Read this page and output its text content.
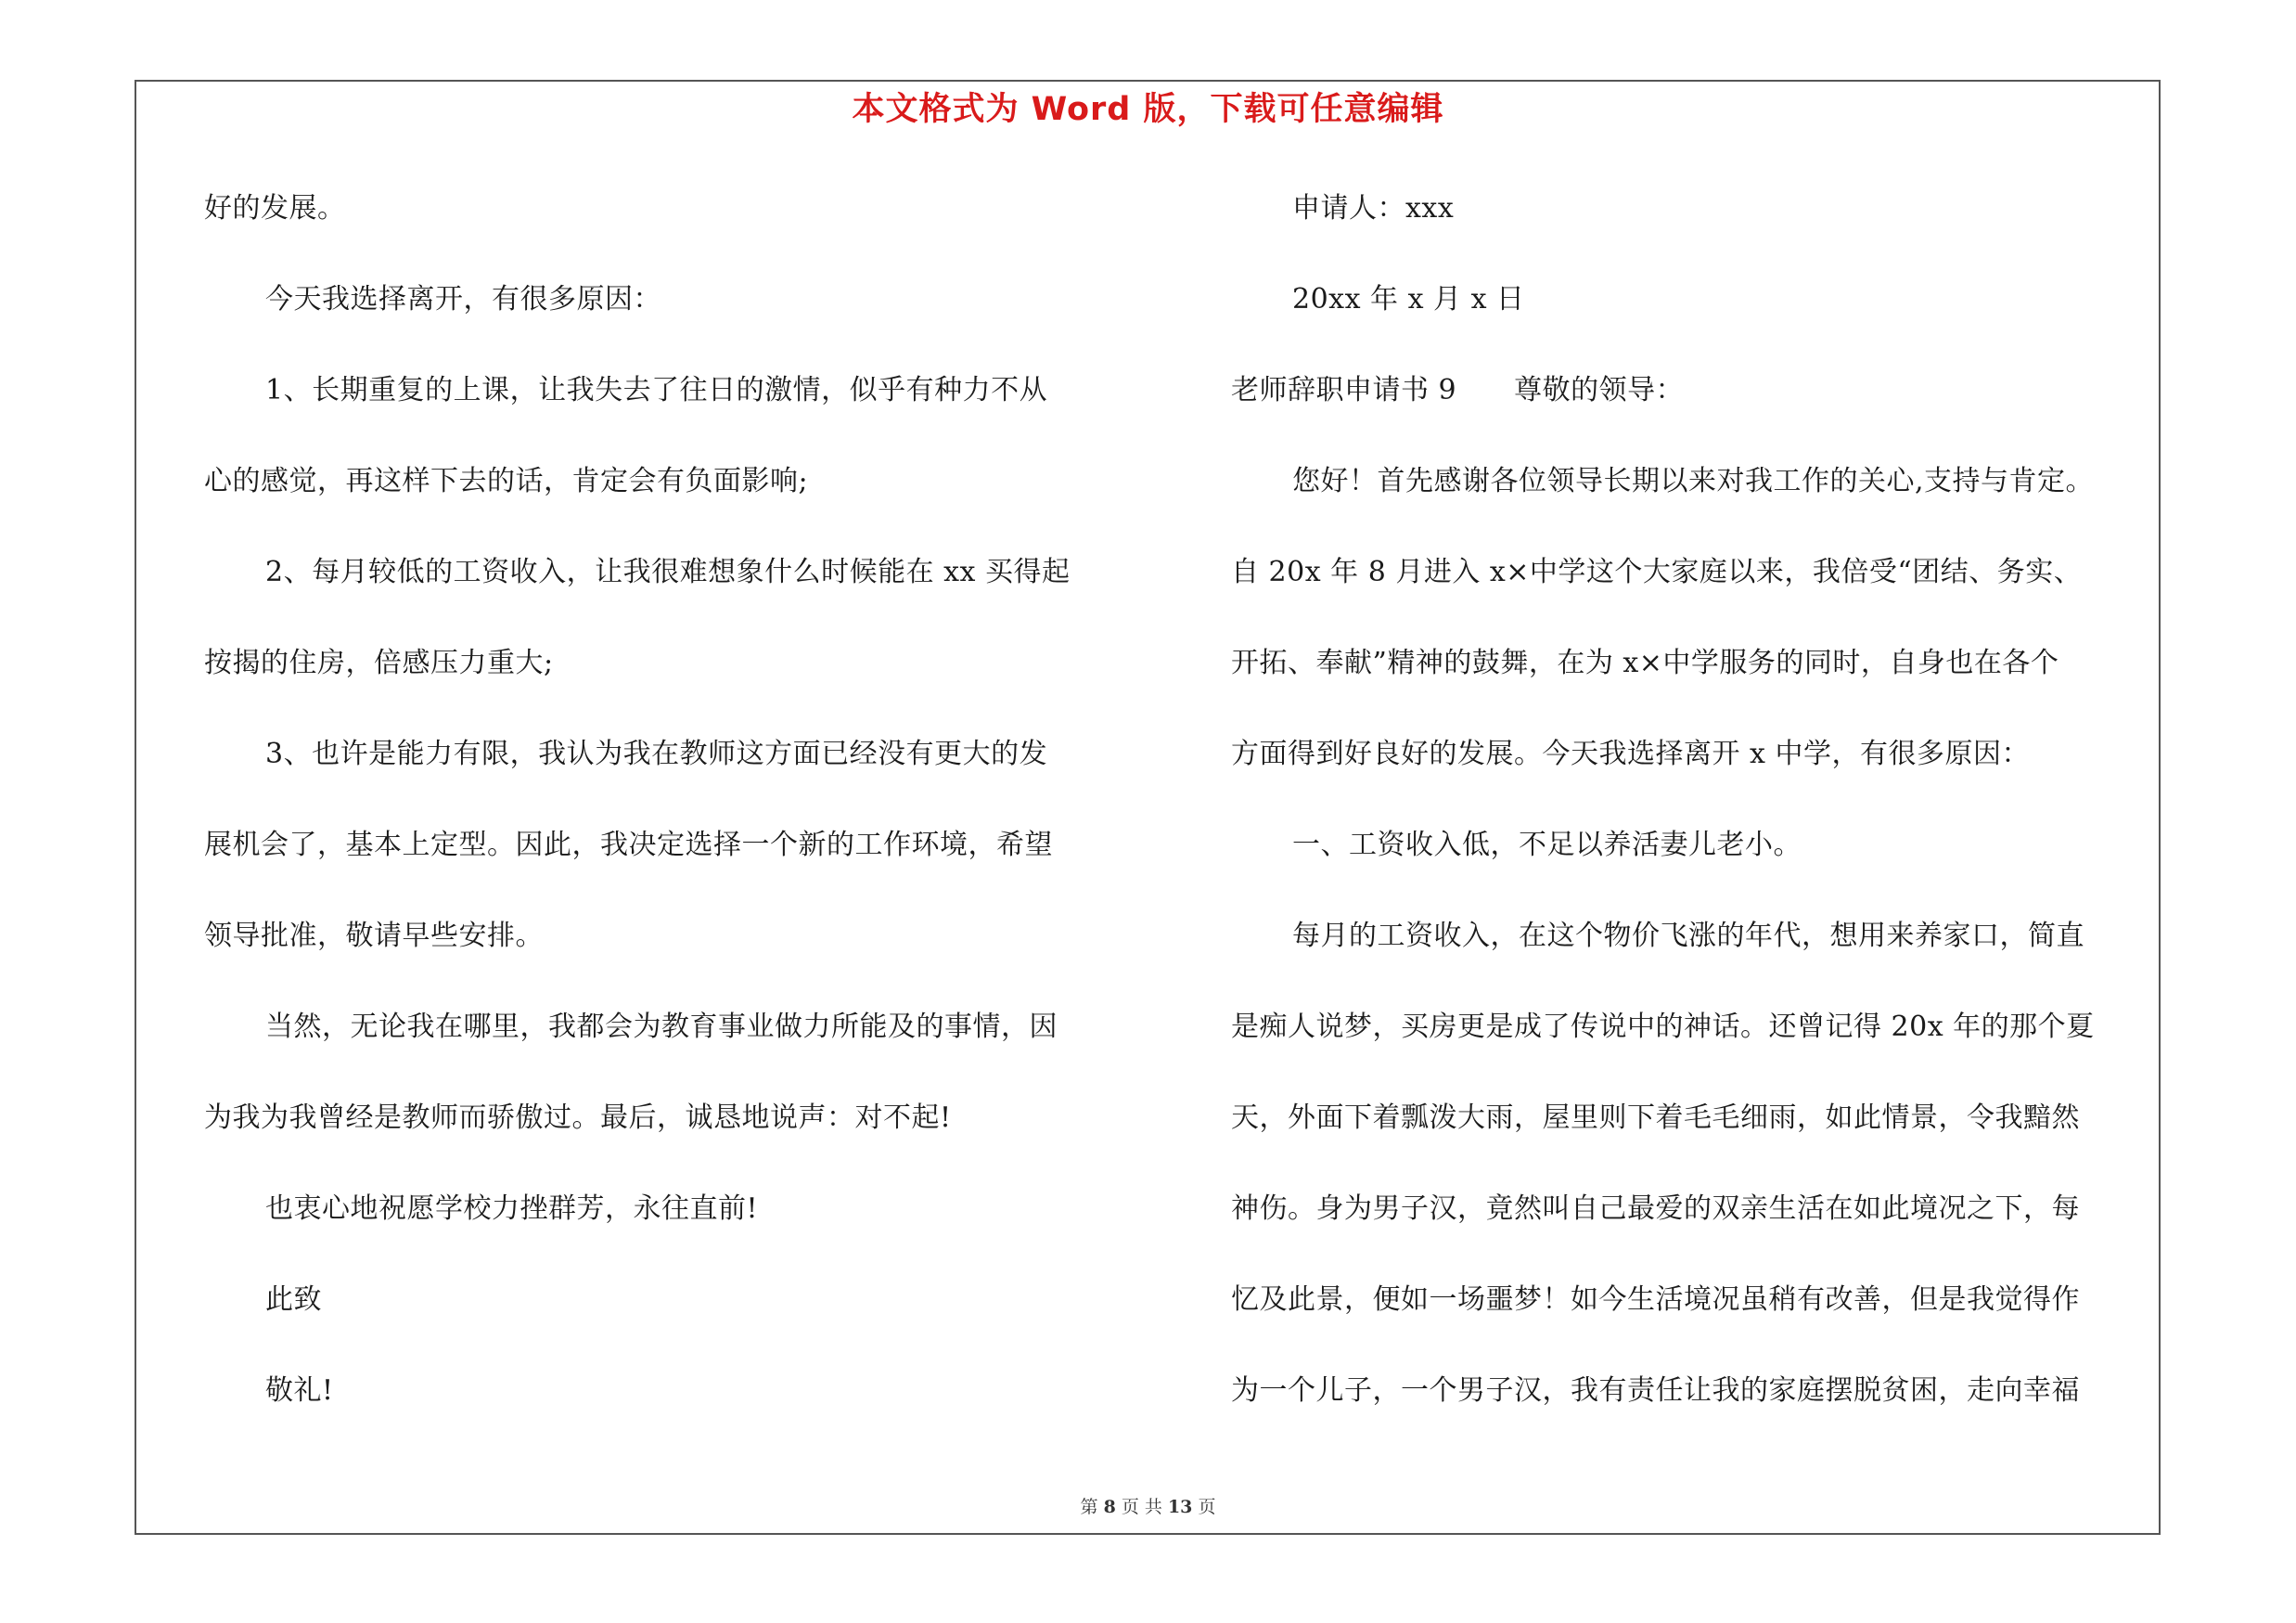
本文格式为 Word 版，下载可任意编辑
好的发展。
今天我选择离开，有很多原因：
1、长期重复的上课，让我失去了往日的激情，似乎有种力不从
心的感觉，再这样下去的话，肯定会有负面影响;
2、每月较低的工资收入，让我很难想象什么时候能在 xx 买得起
按揭的住房，倍感压力重大;
3、也许是能力有限，我认为我在教师这方面已经没有更大的发
展机会了，基本上定型。因此，我决定选择一个新的工作环境，希望
领导批准，敬请早些安排。
当然，无论我在哪里，我都会为教育事业做力所能及的事情，因
为我为我曾经是教师而骄傲过。最后，诚恳地说声：对不起!
也衷心地祝愿学校力挫群芳，永往直前!
此致
敬礼!
申请人：xxx
20xx 年 x 月 x 日
老师辞职申请书 9 尊敬的领导：
您好！首先感谢各位领导长期以来对我工作的关心,支持与肯定。
自 20x 年 8 月进入 x×中学这个大家庭以来，我倍受“团结、务实、
开拓、奉献”精神的鼓舞，在为 x×中学服务的同时，自身也在各个
方面得到好良好的发展。今天我选择离开 x 中学，有很多原因：
一、工资收入低，不足以养活妻儿老小。
每月的工资收入，在这个物价飞涨的年代，想用来养家口，简直
是痴人说梦，买房更是成了传说中的神话。还曾记得 20x 年的那个夏
天，外面下着瓢泼大雨，屋里则下着毛毛细雨，如此情景，令我黯然
神伤。身为男子汉，竟然叫自己最爱的双亲生活在如此境况之下，每
忆及此景，便如一场噩梦！如今生活境况虽稍有改善，但是我觉得作
为一个儿子，一个男子汉，我有责任让我的家庭摆脱贫困，走向幸福
第 8 页 共 13 页
